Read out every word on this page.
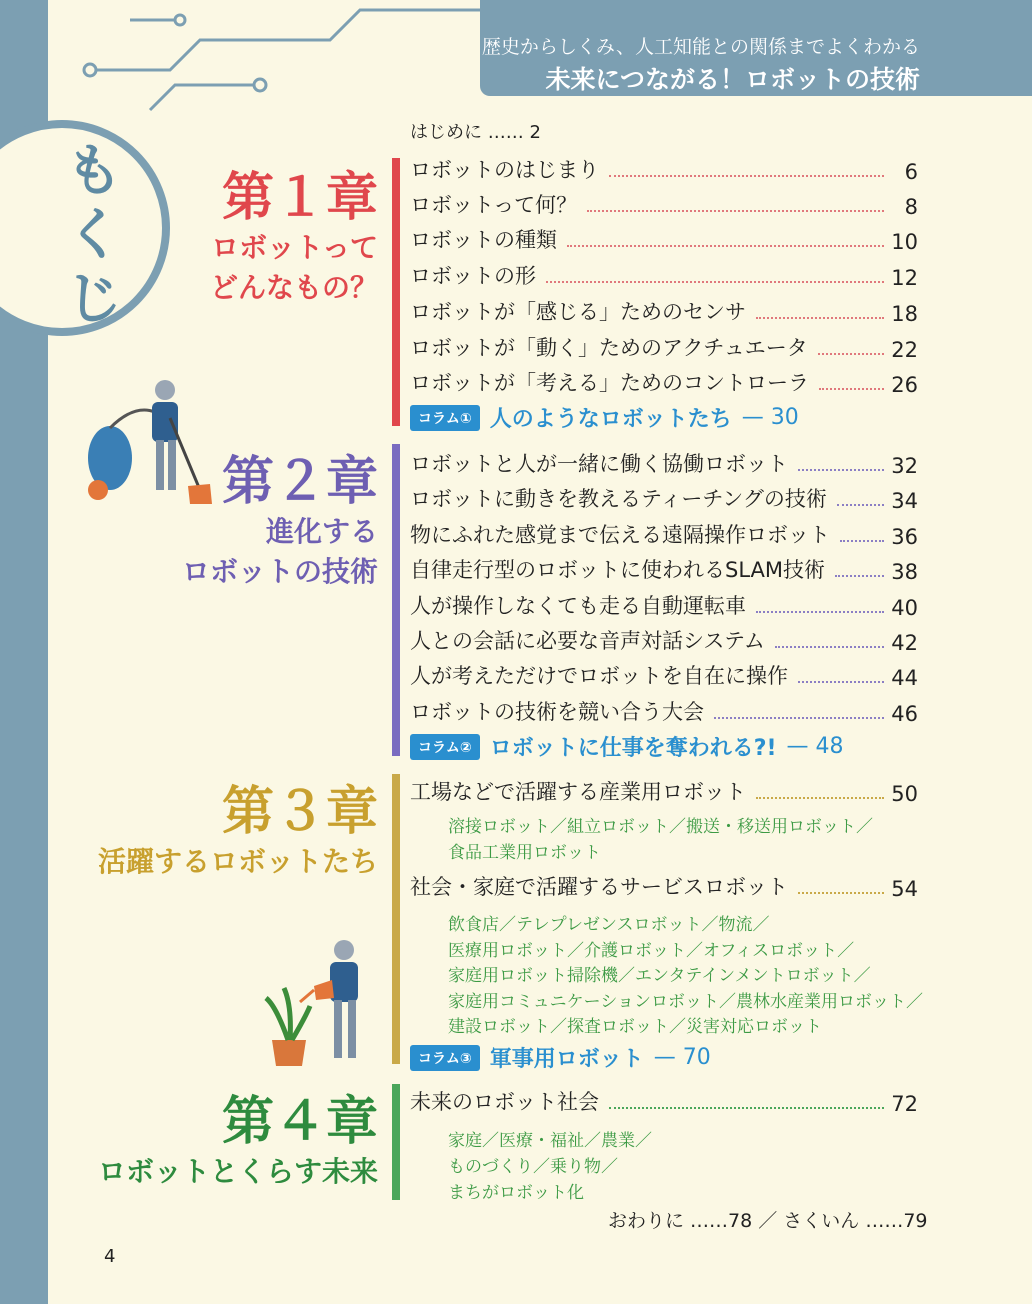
歴史からしくみ、人工知能との関係までよくわかる
未来につながる！ロボットの技術
もくじ
はじめに …… 2
第１章
ロボットって
どんなもの？
ロボットのはじまり	6
ロボットって何？	8
ロボットの種類	10
ロボットの形	12
ロボットが「感じる」ためのセンサ	18
ロボットが「動く」ためのアクチュエータ	22
ロボットが「考える」ためのコントローラ	26
コラム① 人のようなロボットたち — 30
第２章
進化する
ロボットの技術
ロボットと人が一緒に働く協働ロボット	32
ロボットに動きを教えるティーチングの技術	34
物にふれた感覚まで伝える遠隔操作ロボット	36
自律走行型のロボットに使われるSLAM技術	38
人が操作しなくても走る自動運転車	40
人との会話に必要な音声対話システム	42
人が考えただけでロボットを自在に操作	44
ロボットの技術を競い合う大会	46
コラム② ロボットに仕事を奪われる?! — 48
第３章
活躍するロボットたち
工場などで活躍する産業用ロボット	50
溶接ロボット／組立ロボット／搬送・移送用ロボット／
食品工業用ロボット
社会・家庭で活躍するサービスロボット	54
飲食店／テレプレゼンスロボット／物流／
医療用ロボット／介護ロボット／オフィスロボット／
家庭用ロボット掃除機／エンタテインメントロボット／
家庭用コミュニケーションロボット／農林水産業用ロボット／
建設ロボット／探査ロボット／災害対応ロボット
コラム③ 軍事用ロボット — 70
第４章
ロボットとくらす未来
未来のロボット社会	72
家庭／医療・福祉／農業／
ものづくり／乗り物／
まちがロボット化
おわりに ……78 ／ さくいん ……79
4
